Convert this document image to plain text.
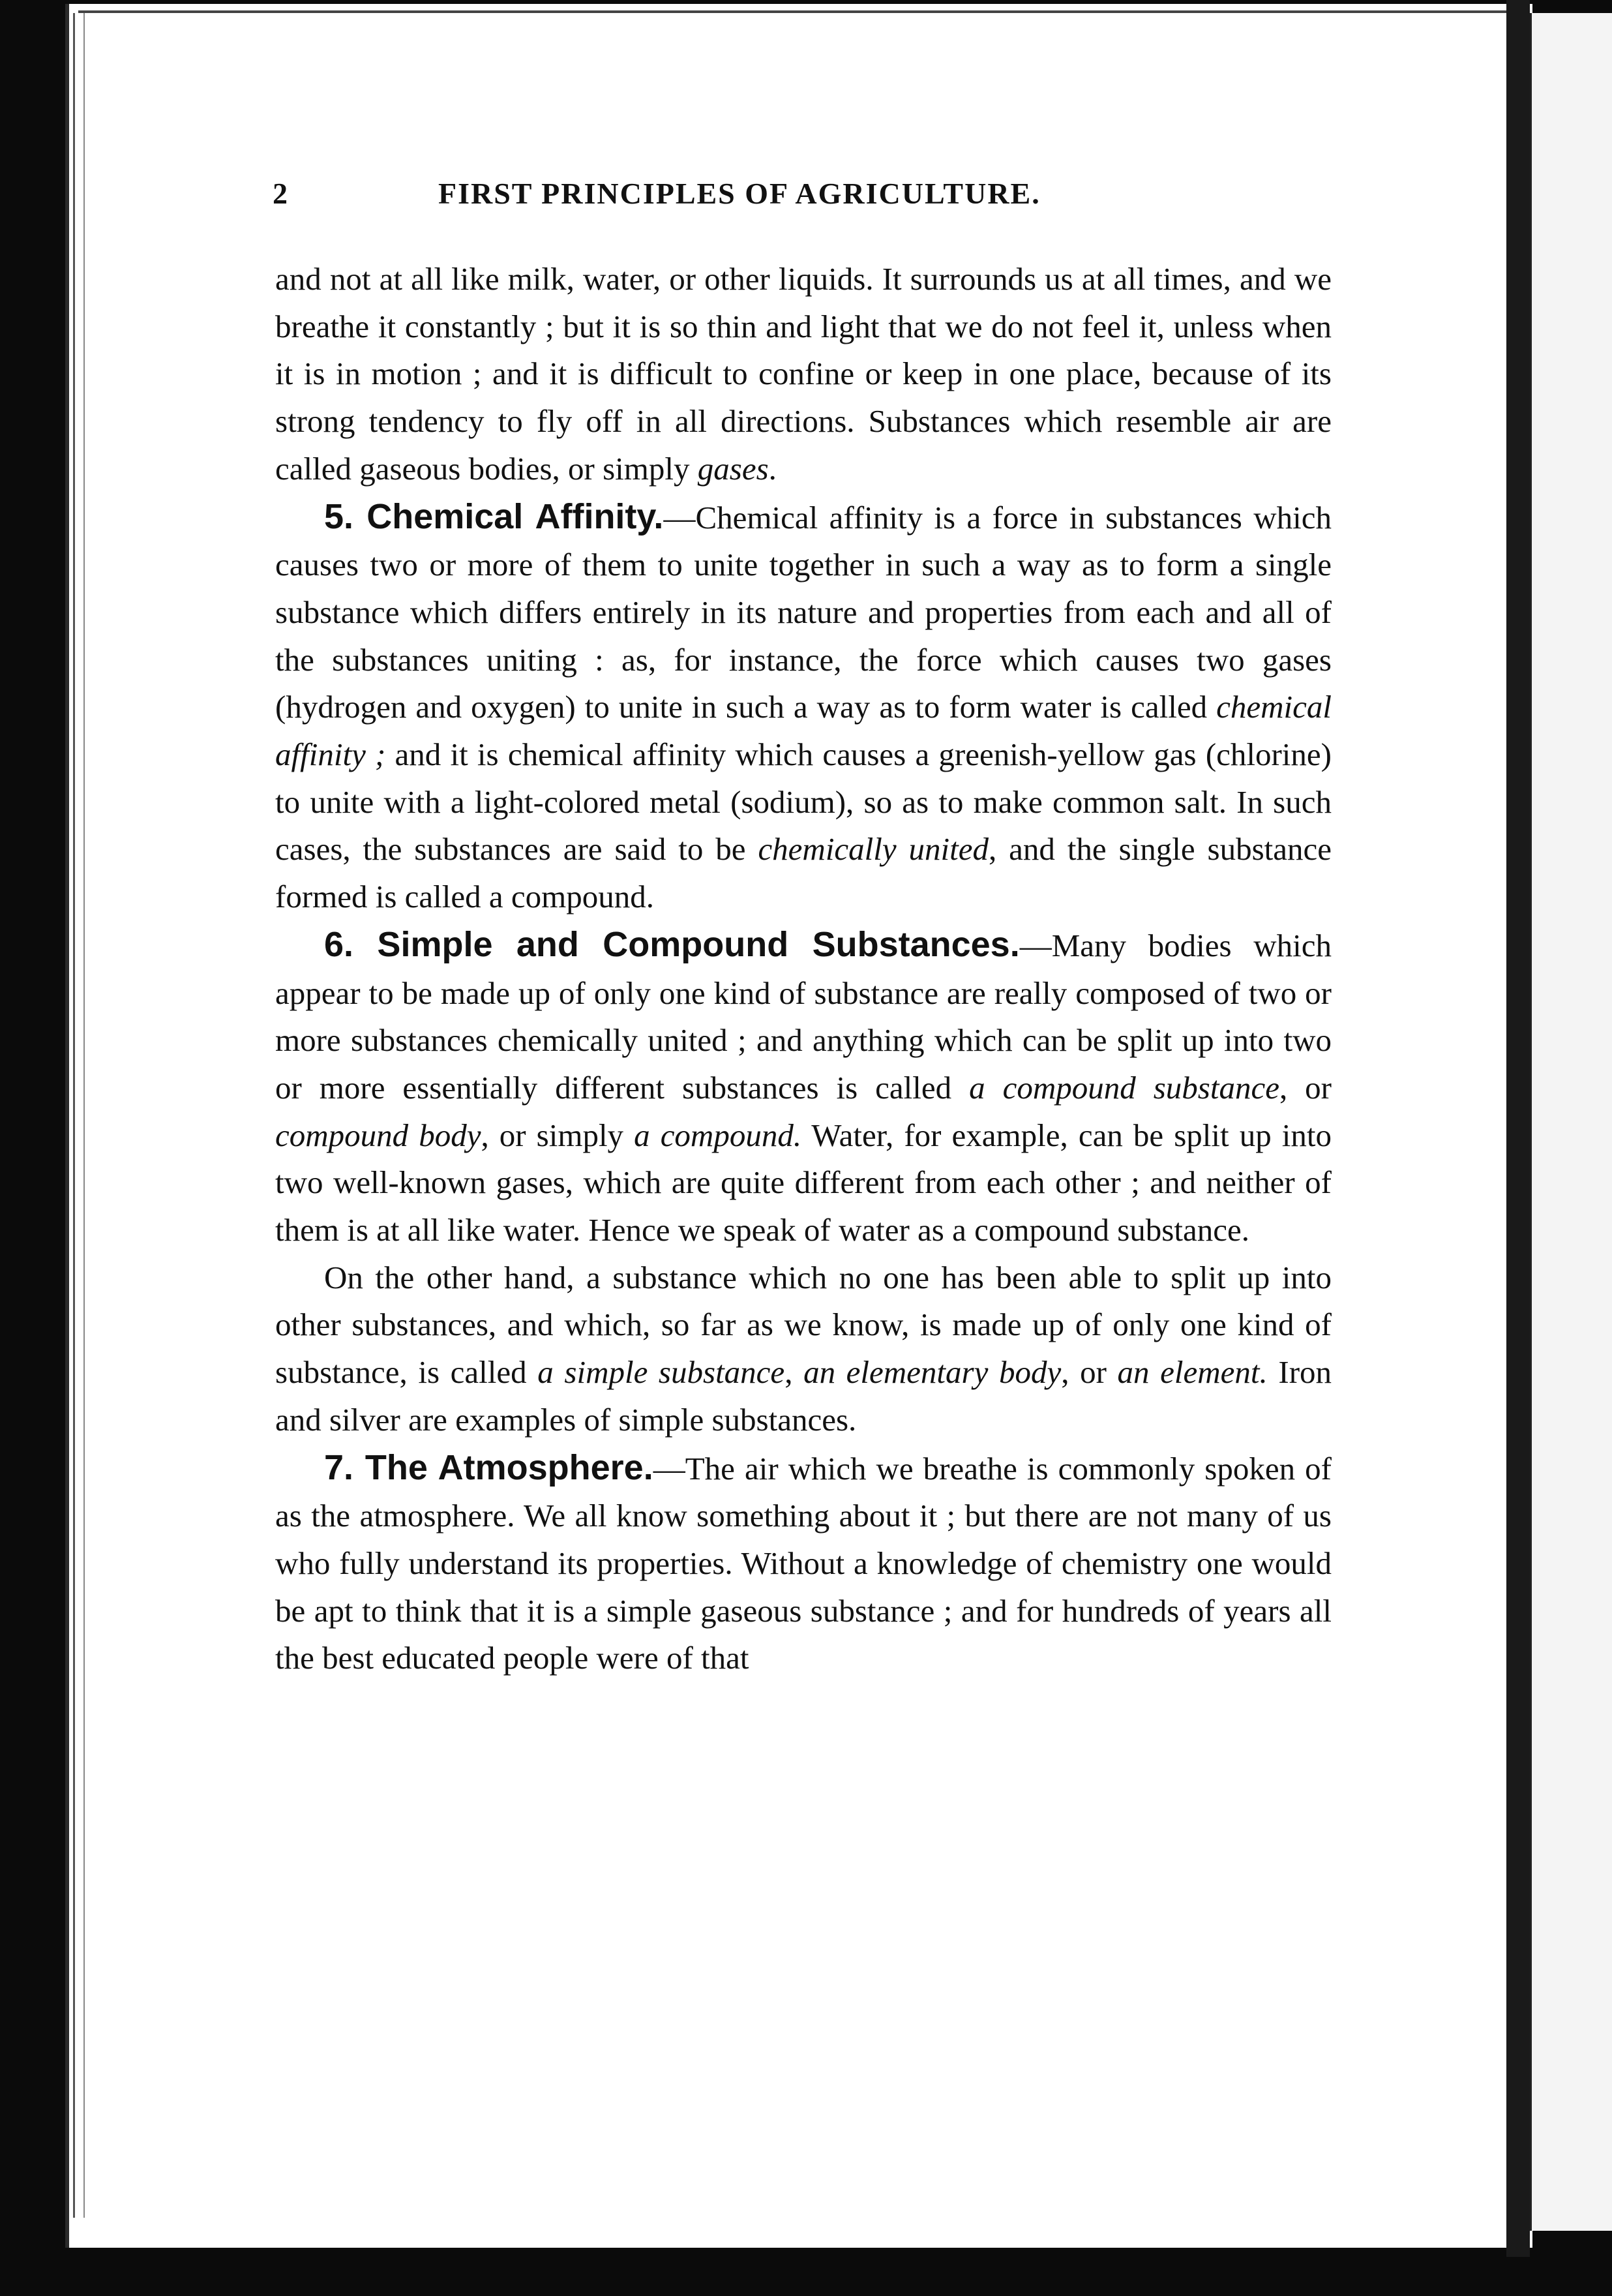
2	FIRST PRINCIPLES OF AGRICULTURE.

and not at all like milk, water, or other liquids. It surrounds us at all times, and we breathe it constantly ; but it is so thin and light that we do not feel it, unless when it is in motion ; and it is difficult to confine or keep in one place, because of its strong tendency to fly off in all directions. Substances which resemble air are called gaseous bodies, or simply gases.

5. Chemical Affinity.—Chemical affinity is a force in substances which causes two or more of them to unite together in such a way as to form a single substance which differs entirely in its nature and properties from each and all of the substances uniting : as, for instance, the force which causes two gases (hydrogen and oxygen) to unite in such a way as to form water is called chemical affinity ; and it is chemical affinity which causes a greenish-yellow gas (chlorine) to unite with a light-colored metal (sodium), so as to make common salt. In such cases, the substances are said to be chemically united, and the single substance formed is called a compound.

6. Simple and Compound Substances.—Many bodies which appear to be made up of only one kind of substance are really composed of two or more substances chemically united ; and anything which can be split up into two or more essentially different substances is called a compound substance, or compound body, or simply a compound. Water, for example, can be split up into two well-known gases, which are quite different from each other ; and neither of them is at all like water. Hence we speak of water as a compound substance.

On the other hand, a substance which no one has been able to split up into other substances, and which, so far as we know, is made up of only one kind of substance, is called a simple substance, an elementary body, or an element. Iron and silver are examples of simple substances.

7. The Atmosphere.—The air which we breathe is commonly spoken of as the atmosphere. We all know something about it ; but there are not many of us who fully understand its properties. Without a knowledge of chemistry one would be apt to think that it is a simple gaseous substance ; and for hundreds of years all the best educated people were of that
